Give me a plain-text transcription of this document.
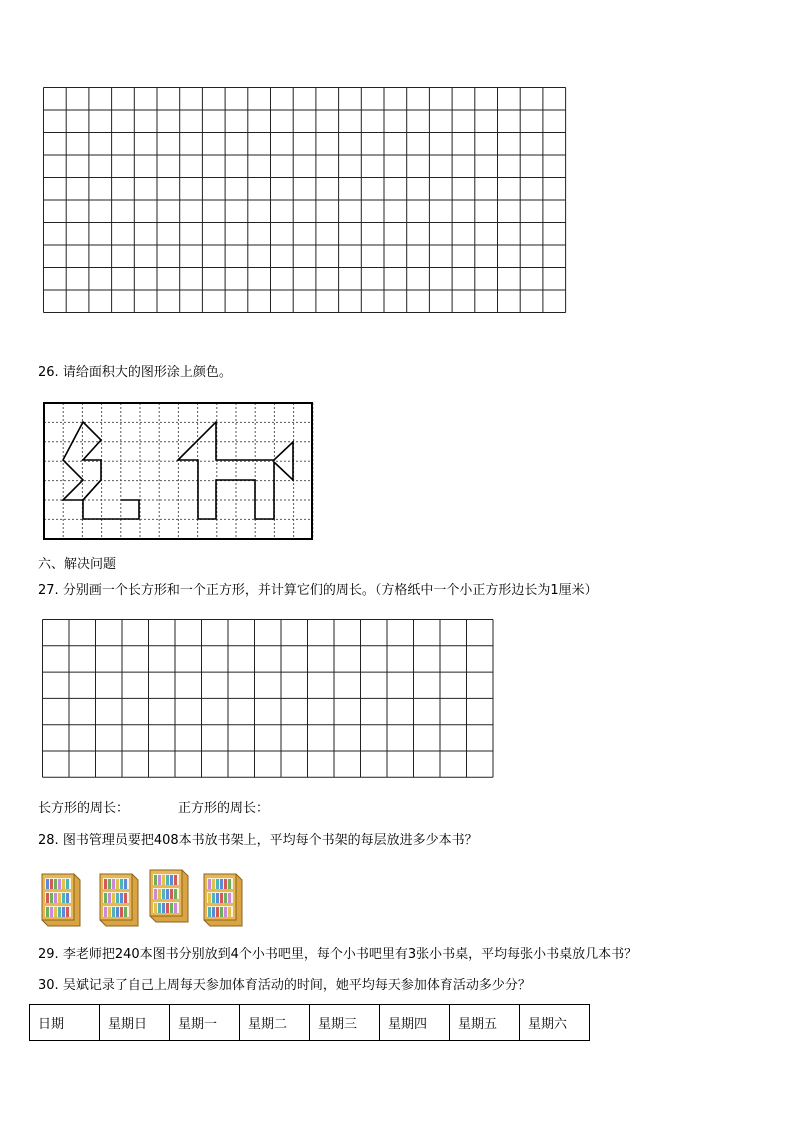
26. 请给面积大的图形涂上颜色。
六、解决问题
27. 分别画一个长方形和一个正方形，并计算它们的周长。（方格纸中一个小正方形边长为1厘米）
长方形的周长：	正方形的周长：
28. 图书管理员要把408本书放书架上，平均每个书架的每层放进多少本书？
29. 李老师把240本图书分别放到4个小书吧里，每个小书吧里有3张小书桌，平均每张小书桌放几本书？
30. 吴斌记录了自己上周每天参加体育活动的时间，她平均每天参加体育活动多少分？
日期	星期日	星期一	星期二	星期三	星期四	星期五	星期六
